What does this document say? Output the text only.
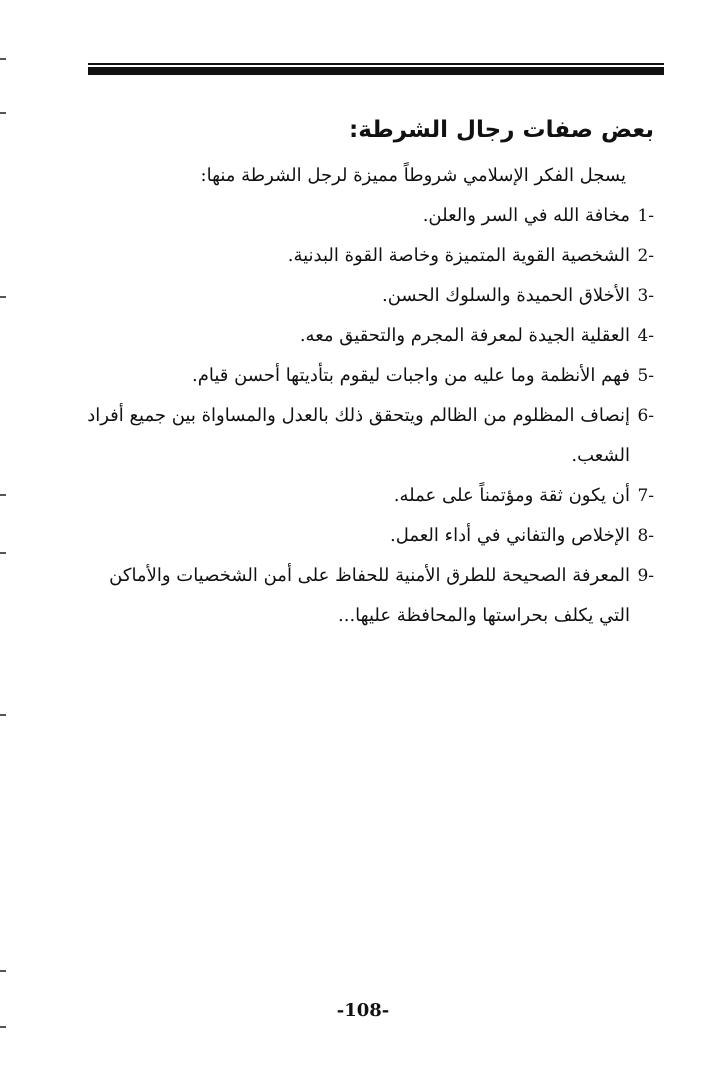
بعض صفات رجال الشرطة:

يسجل الفكر الإسلامي شروطاً مميزة لرجل الشرطة منها:

1-
مخافة الله في السر والعلن.
2-
الشخصية القوية المتميزة وخاصة القوة البدنية.
3-
الأخلاق الحميدة والسلوك الحسن.
4-
العقلية الجيدة لمعرفة المجرم والتحقيق معه.
5-
فهم الأنظمة وما عليه من واجبات ليقوم بتأديتها أحسن قيام.
6-
إنصاف المظلوم من الظالم ويتحقق ذلك بالعدل والمساواة بين جميع أفراد
الشعب.
7-
أن يكون ثقة ومؤتمناً على عمله.
8-
الإخلاص والتفاني في أداء العمل.
9-
المعرفة الصحيحة للطرق الأمنية للحفاظ على أمن الشخصيات والأماكن
التي يكلف بحراستها والمحافظة عليها...
-108-
